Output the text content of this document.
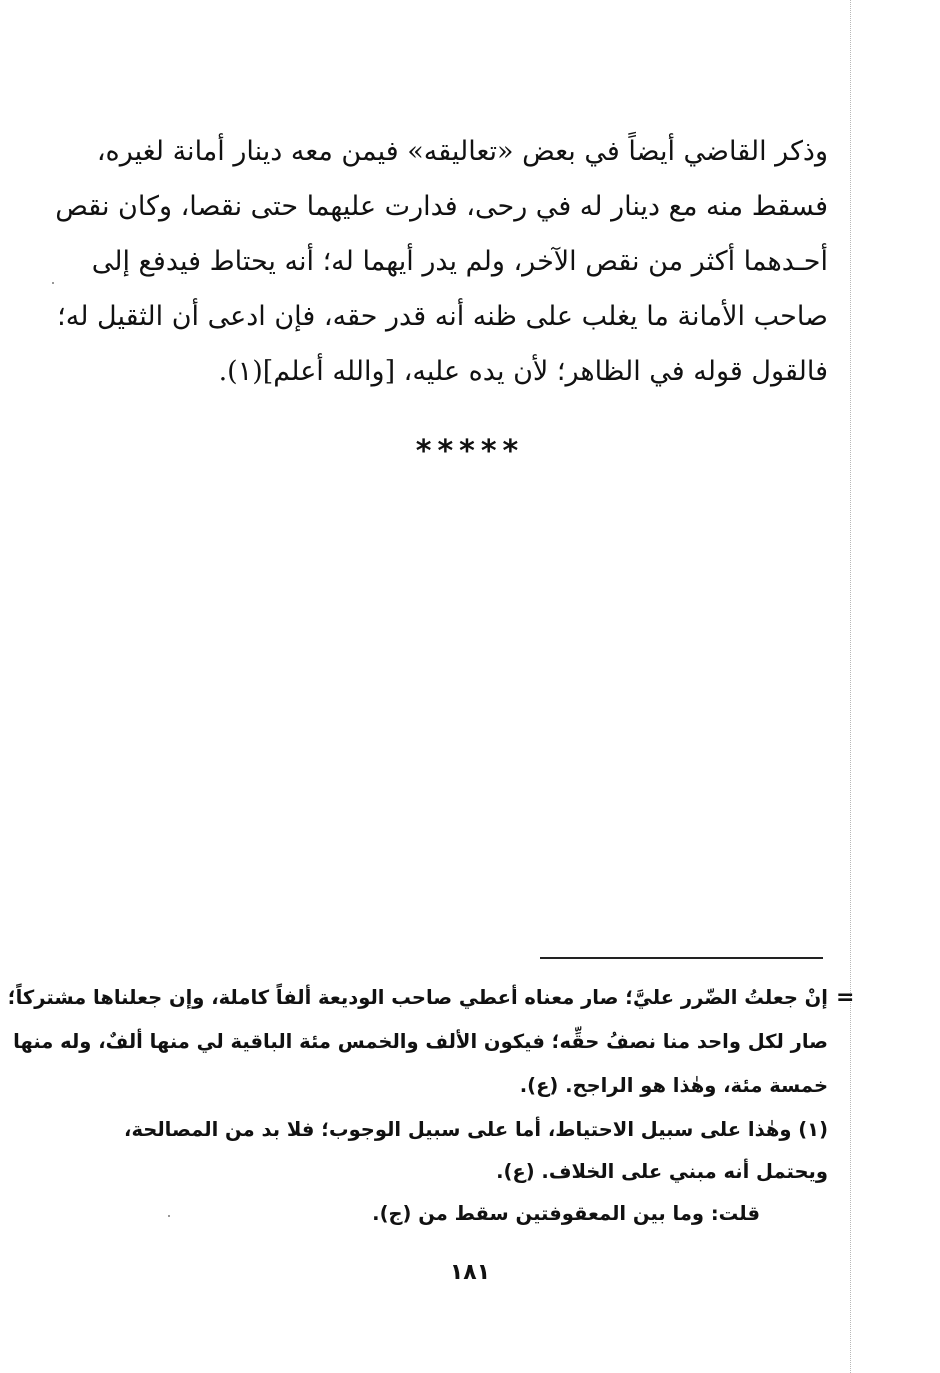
وذكر القاضي أيضاً في بعض «تعاليقه» فيمن معه دينار أمانة لغيره،
فسقط منه مع دينار له في رحى، فدارت عليهما حتى نقصا، وكان نقص
أحـدهما أكثر من نقص الآخر، ولم يدر أيهما له؛ أنه يحتاط فيدفع إلى
صاحب الأمانة ما يغلب على ظنه أنه قدر حقه، فإن ادعى أن الثقيل له؛
فالقول قوله في الظاهر؛ لأن يده عليه، [والله أعلم](١).
*****
=
إنْ جعلتُ الضّرر عليَّ؛ صار معناه أعطي صاحب الوديعة ألفاً كاملة، وإن جعلناها مشتركاً؛
صار لكل واحد منا نصفُ حقِّه؛ فيكون الألف والخمس مئة الباقية لي منها ألفٌ، وله منها
خمسة مئة، وهٰذا هو الراجح. (ع).
(١) وهٰذا على سبيل الاحتياط، أما على سبيل الوجوب؛ فلا بد من المصالحة،
ويحتمل أنه مبني على الخلاف. (ع).
قلت: وما بين المعقوفتين سقط من (ج).
١٨١
